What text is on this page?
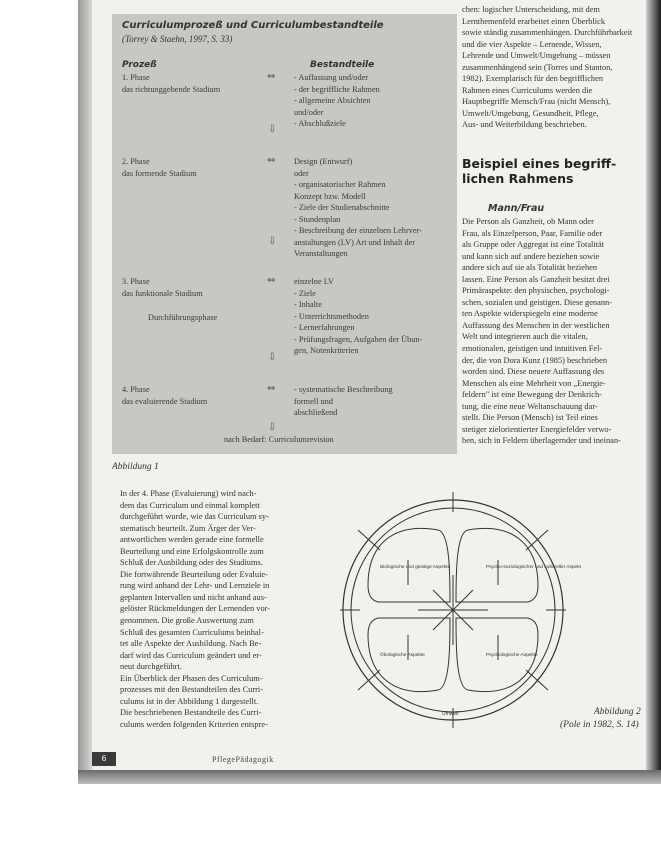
Curriculumprozeß und Curriculumbestandteile
(Torrey & Staehn, 1997, S. 33)
Prozeß	Bestandteile
1. Phase
das richtunggebende Stadium
⇔ - Auffassung und/oder
- der begriffliche Rahmen
- allgemeine Absichten
und/oder
- Abschlußziele
⇩
2. Phase
das formende Stadium
⇔ Design (Entwurf)
oder
- organisatorischer Rahmen
Konzept bzw. Modell
- Ziele der Studienabschnitte
- Stundenplan
- Beschreibung der einzelnen Lehrver-
anstaltungen (LV) Art und Inhalt der
Veranstaltungen
⇩
3. Phase
das funktionale Stadium
Durchführungsphase
⇔ einzelne LV
- Ziele
- Inhalte
- Unterrichtsmethoden
- Lernerfahrungen
- Prüfungsfragen, Aufgaben der Übun-
gen, Notenkriterien
⇩
4. Phase
das evaluierende Stadium
⇔ - systematische Beschreibung
formell und
abschließend
⇩
nach Bedarf: Curriculumrevision
Abbildung 1

In der 4. Phase (Evaluierung) wird nach-

dem das Curriculum und einmal komplett

durchgeführt wurde, wie das Curriculum sy-

stematisch beurteilt. Zum Ärger der Ver-

antwortlichen werden gerade eine formelle

Beurteilung und eine Erfolgskontrolle zum

Schluß der Ausbildung oder des Studiums.

Die fortwährende Beurteilung oder Evaluie-

rung wird anhand der Lehr- und Lernziele in

geplanten Intervallen und nicht anhand aus-

gelöster Rückmeldungen der Lernenden vor-

genommen. Die große Auswertung zum

Schluß des gesamten Curriculums beinhal-

tet alle Aspekte der Ausbildung. Nach Be-

darf wird das Curriculum geändert und er-

neut durchgeführt.

Ein Überblick der Phasen des Curriculum-

prozesses mit den Bestandteilen des Curri-

culums ist in der Abbildung 1 dargestellt.

Die beschriebenen Bestandteile des Curri-

culums werden folgenden Kriterien entspre-

chen: logischer Unterscheidung, mit dem

Lernthemenfeld erarbeitet einen Überblick

sowie ständig zusammenhängen. Durchführbarkeit

und die vier Aspekte – Lernende, Wissen,

Lehrende und Umwelt/Umgebung – müssen

zusammenhängend sein (Torres und Stanton,

1982). Exemplarisch für den begrifflichen

Rahmen eines Curriculums werden die

Hauptbegriffe Mensch/Frau (nicht Mensch),

Umwelt/Umgebung, Gesundheit, Pflege,

Aus- und Weiterbildung beschrieben.

Beispiel eines begriff-
lichen Rahmens
Mann/Frau

Die Person als Ganzheit, ob Mann oder

Frau, als Einzelperson, Paar, Familie oder

als Gruppe oder Aggregat ist eine Totalität

und kann sich auf andere beziehen sowie

andere sich auf sie als Totalität beziehen

lassen. Eine Person als Ganzheit besitzt drei

Primäraspekte: den physischen, psychologi-

schen, sozialen und geistigen. Diese genann-

ten Aspekte widerspiegeln eine moderne

Auffassung des Menschen in der westlichen

Welt und integrieren auch die vitalen,

emotionalen, geistigen und intuitiven Fel-

der, die von Dora Kunz (1985) beschrieben

worden sind. Diese neuere Auffassung des

Menschen als eine Mehrheit von „Energie-

feldern" ist eine Bewegung der Denkrich-

tung, die eine neue Weltanschauung dar-

stellt. Die Person (Mensch) ist Teil eines

stetiger zielorientierter Energiefelder verwo-

ben, sich in Feldern überlagernder und ineinan-

Biologische und geistige Aspekte	Psycho-soziologischer und kultureller Aspekt
Ökologische Aspekte	Psychologische Aspekte
Umwelt	Abbildung 2
(Pole in 1982, S. 14)
6	PflegePädagogik
